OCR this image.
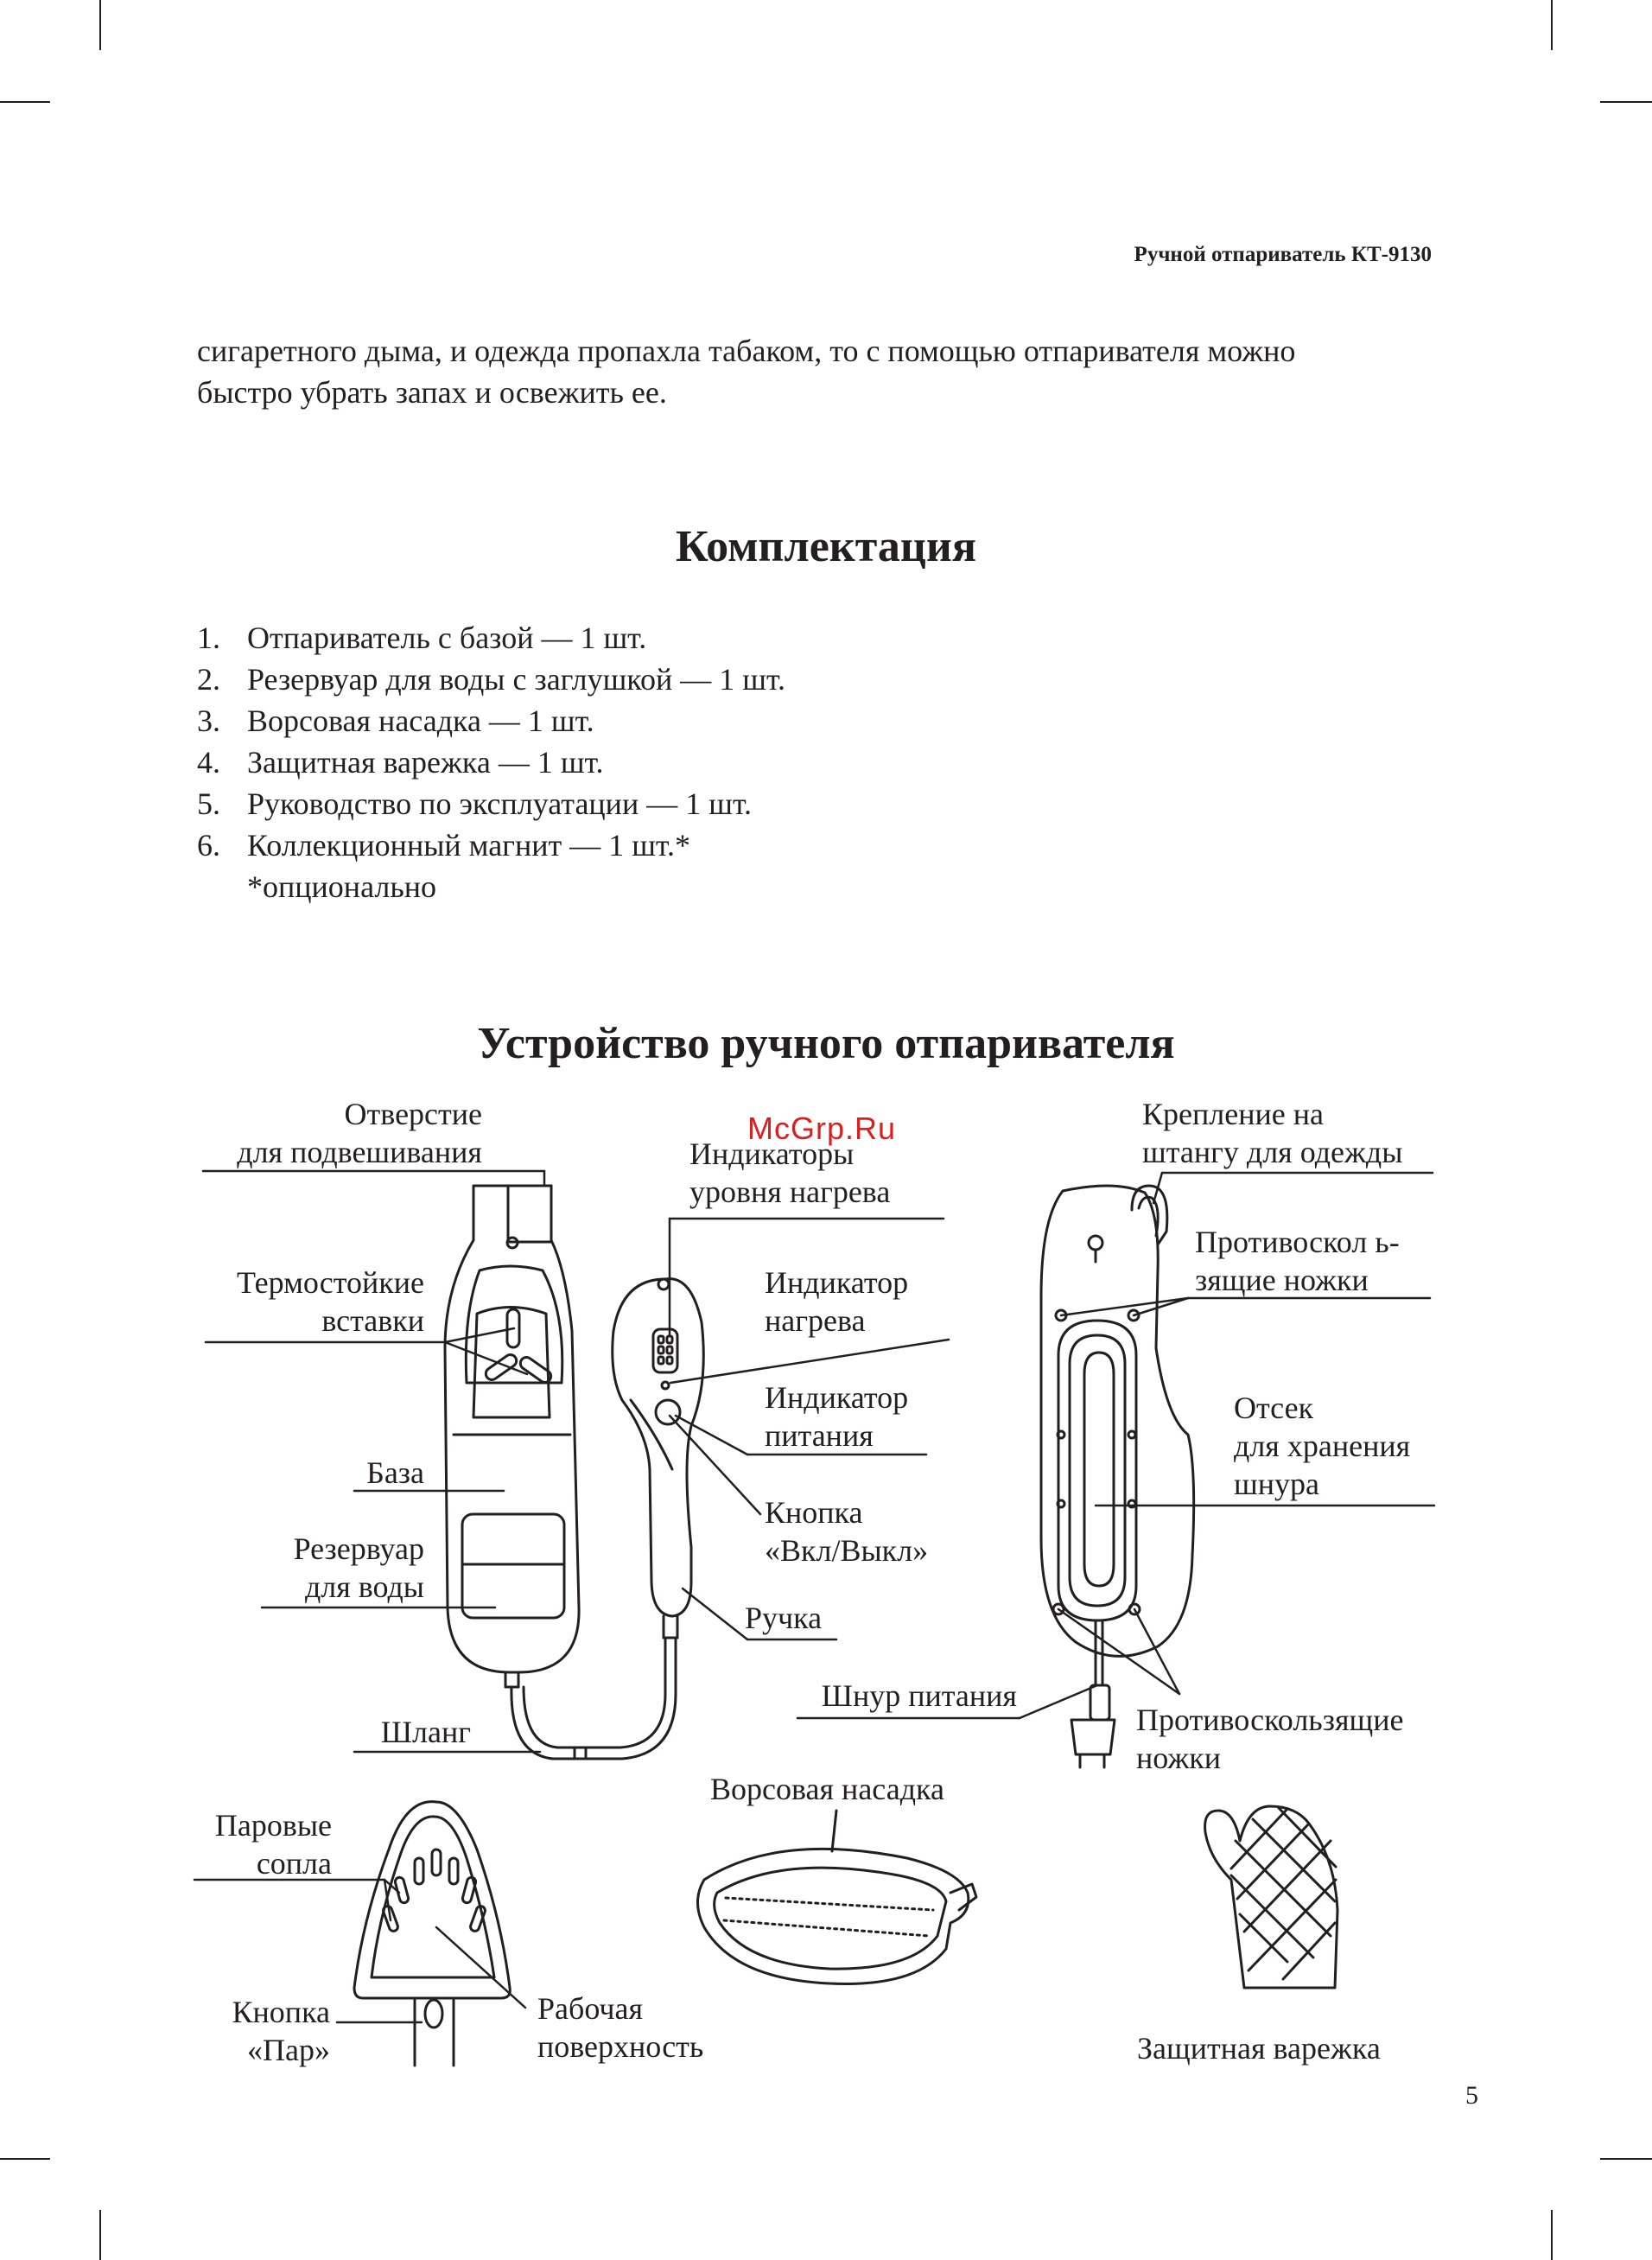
Ручной отпариватель КТ-9130

сигаретного дыма, и одежда пропахла табаком, то с помощью отпаривателя можно

быстро убрать запах и освежить ее.

Комплектация
1. Отпариватель с базой — 1 шт.
2. Резервуар для воды с заглушкой — 1 шт.
3. Ворсовая насадка — 1 шт.
4. Защитная варежка — 1 шт.
5. Руководство по эксплуатации — 1 шт.
6. Коллекционный магнит — 1 шт.*
*опционально
Устройство ручного отпаривателя
Отверстие
для подвешивания
Термостойкие
вставки
База
Резервуар
для воды
Шланг
Индикаторы
уровня нагрева
Индикатор
нагрева
Индикатор
питания
Кнопка
«Вкл/Выкл»
Ручка
Крепление на
штангу для одежды
Противоскол ь-
зящие ножки
Отсек
для хранения
шнура
Шнур питания
Противоскользящие
ножки
Паровые
сопла
Кнопка
«Пар»
Рабочая
поверхность
Ворсовая насадка
Защитная варежка
McGrp.Ru
5
